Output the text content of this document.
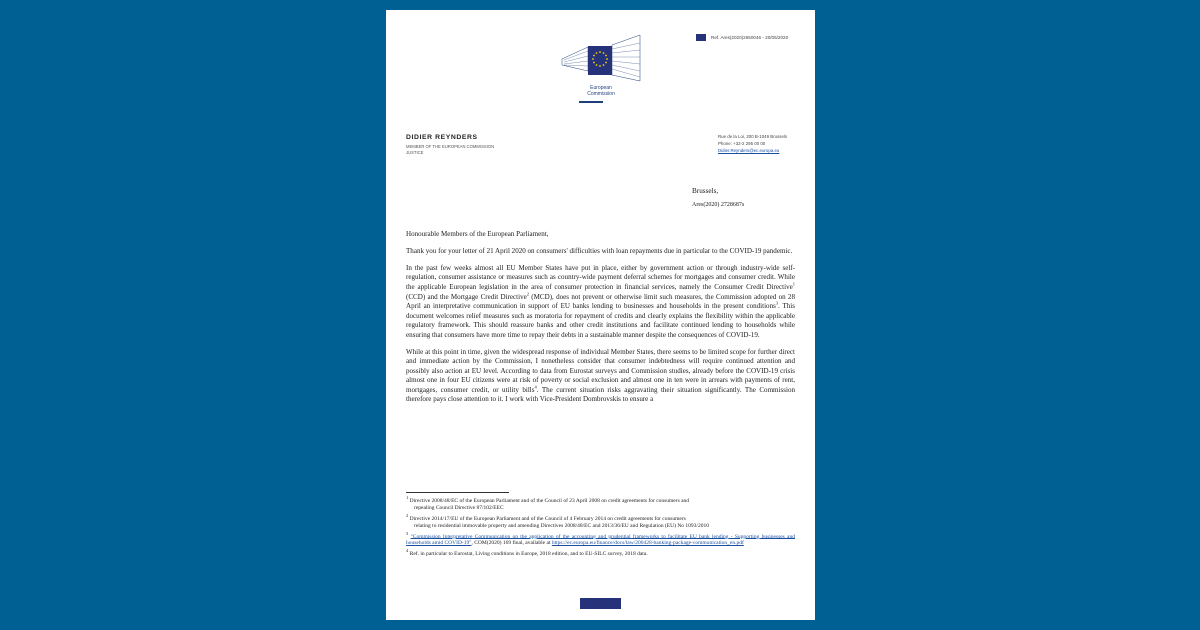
Ref. Ares(2020)2650046 - 20/05/2020
European
Commission
DIDIER REYNDERS
MEMBER OF THE EUROPEAN COMMISSION
JUSTICE
Rue de la Loi, 200 B-1049 Brussels
Phone: +32-2 295 00 00
Didier.Reynders@ec.europa.eu
Brussels,
Ares(2020) 2728687s

Honourable Members of the European Parliament,

Thank you for your letter of 21 April 2020 on consumers' difficulties with loan repayments due in particular to the COVID-19 pandemic.

In the past few weeks almost all EU Member States have put in place, either by government action or through industry-wide self-regulation, consumer assistance or measures such as country-wide payment deferral schemes for mortgages and consumer credit. While the applicable European legislation in the area of consumer protection in financial services, namely the Consumer Credit Directive$^1$ (CCD) and the Mortgage Credit Directive$^2$ (MCD), does not prevent or otherwise limit such measures, the Commission adopted on 28 April an interpretative communication in support of EU banks lending to businesses and households in the present conditions$^3$. This document welcomes relief measures such as moratoria for repayment of credits and clearly explains the flexibility within the applicable regulatory framework. This should reassure banks and other credit institutions and facilitate continued lending to households while ensuring that consumers have more time to repay their debts in a sustainable manner despite the consequences of COVID-19.

While at this point in time, given the widespread response of individual Member States, there seems to be limited scope for further direct and immediate action by the Commission, I nonetheless consider that consumer indebtedness will require continued attention and possibly also action at EU level. According to data from Eurostat surveys and Commission studies, already before the COVID-19 crisis almost one in four EU citizens were at risk of poverty or social exclusion and almost one in ten were in arrears with payments of rent, mortgages, consumer credit, or utility bills$^4$. The current situation risks aggravating their situation significantly. The Commission therefore pays close attention to it. I work with Vice-President Dombrovskis to ensure a

$^1$ Directive 2008/48/EC of the European Parliament and of the Council of 23 April 2008 on credit agreements for consumers and
repealing Council Directive 87/102/EEC
$^2$ Directive 2014/17/EU of the European Parliament and of the Council of 4 February 2014 on credit agreements for consumers
relating to residential immovable property and amending Directives 2008/48/EC and 2013/36/EU and Regulation (EU) No 1093/2010
$^3$ "Commission Interpretative Communication on the application of the accounting and prudential frameworks to facilitate EU bank lending - Supporting businesses and households amid COVID-19", COM(2020) 169 final, available at https://ec.europa.eu/finance/docs/law/200428-banking-package-communication_en.pdf
$^4$ Ref. in particular to Eurostat, Living conditions in Europe, 2018 edition, and to EU-SILC survey, 2018 data.
